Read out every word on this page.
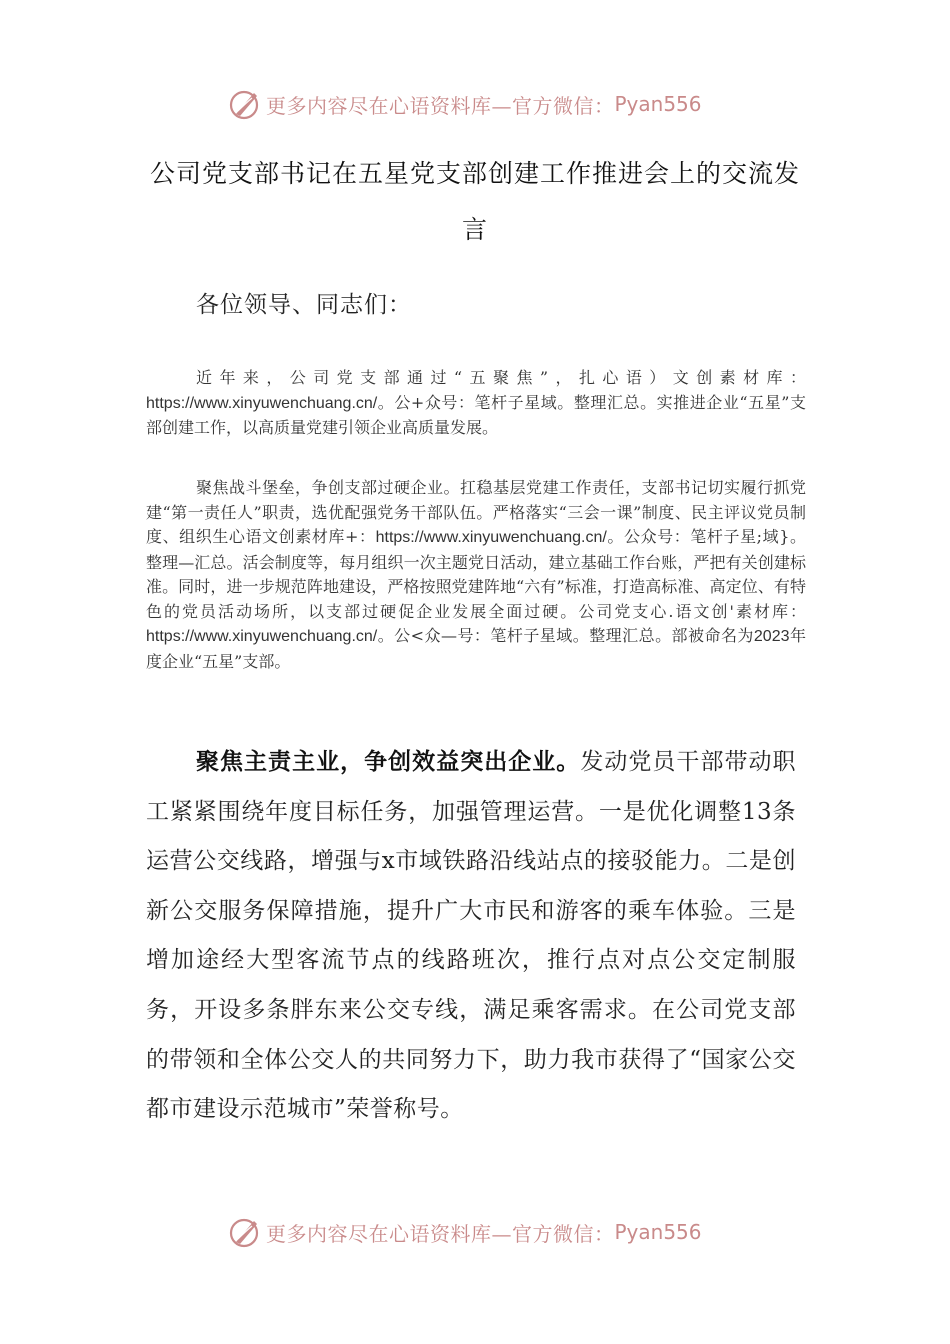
更多内容尽在心语资料库—官方微信： Pyan556
公司党支部书记在五星党支部创建工作推进会上的交流发言
各位领导、同志们：
近年来，公司党支部通过“五聚焦”，扎心语）文创素材库：https://www.xinyuwenchuang.cn/。公+众号：笔杆子星域。整理汇总。实推进企业“五星”支部创建工作，以高质量党建引领企业高质量发展。
聚焦战斗堡垒，争创支部过硬企业。扛稳基层党建工作责任，支部书记切实履行抓党建“第一责任人”职责，选优配强党务干部队伍。严格落实“三会一课”制度、民主评议党员制度、组织生心语文创素材库+：https://www.xinyuwenchuang.cn/。公众号：笔杆子星;域}。整理—汇总。活会制度等，每月组织一次主题党日活动，建立基础工作台账，严把有关创建标准。同时，进一步规范阵地建设，严格按照党建阵地“六有”标准，打造高标准、高定位、有特色的党员活动场所，以支部过硬促企业发展全面过硬。公司党支心.语文创'素材库：https://www.xinyuwenchuang.cn/。公<众—号：笔杆子星域。整理汇总。部被命名为2023年度企业“五星”支部。
聚焦主责主业，争创效益突出企业。发动党员干部带动职工紧紧围绕年度目标任务，加强管理运营。一是优化调整13条运营公交线路，增强与x市域铁路沿线站点的接驳能力。二是创新公交服务保障措施，提升广大市民和游客的乘车体验。三是增加途经大型客流节点的线路班次，推行点对点公交定制服务，开设多条胖东来公交专线，满足乘客需求。在公司党支部的带领和全体公交人的共同努力下，助力我市获得了“国家公交都市建设示范城市”荣誉称号。
更多内容尽在心语资料库—官方微信： Pyan556
